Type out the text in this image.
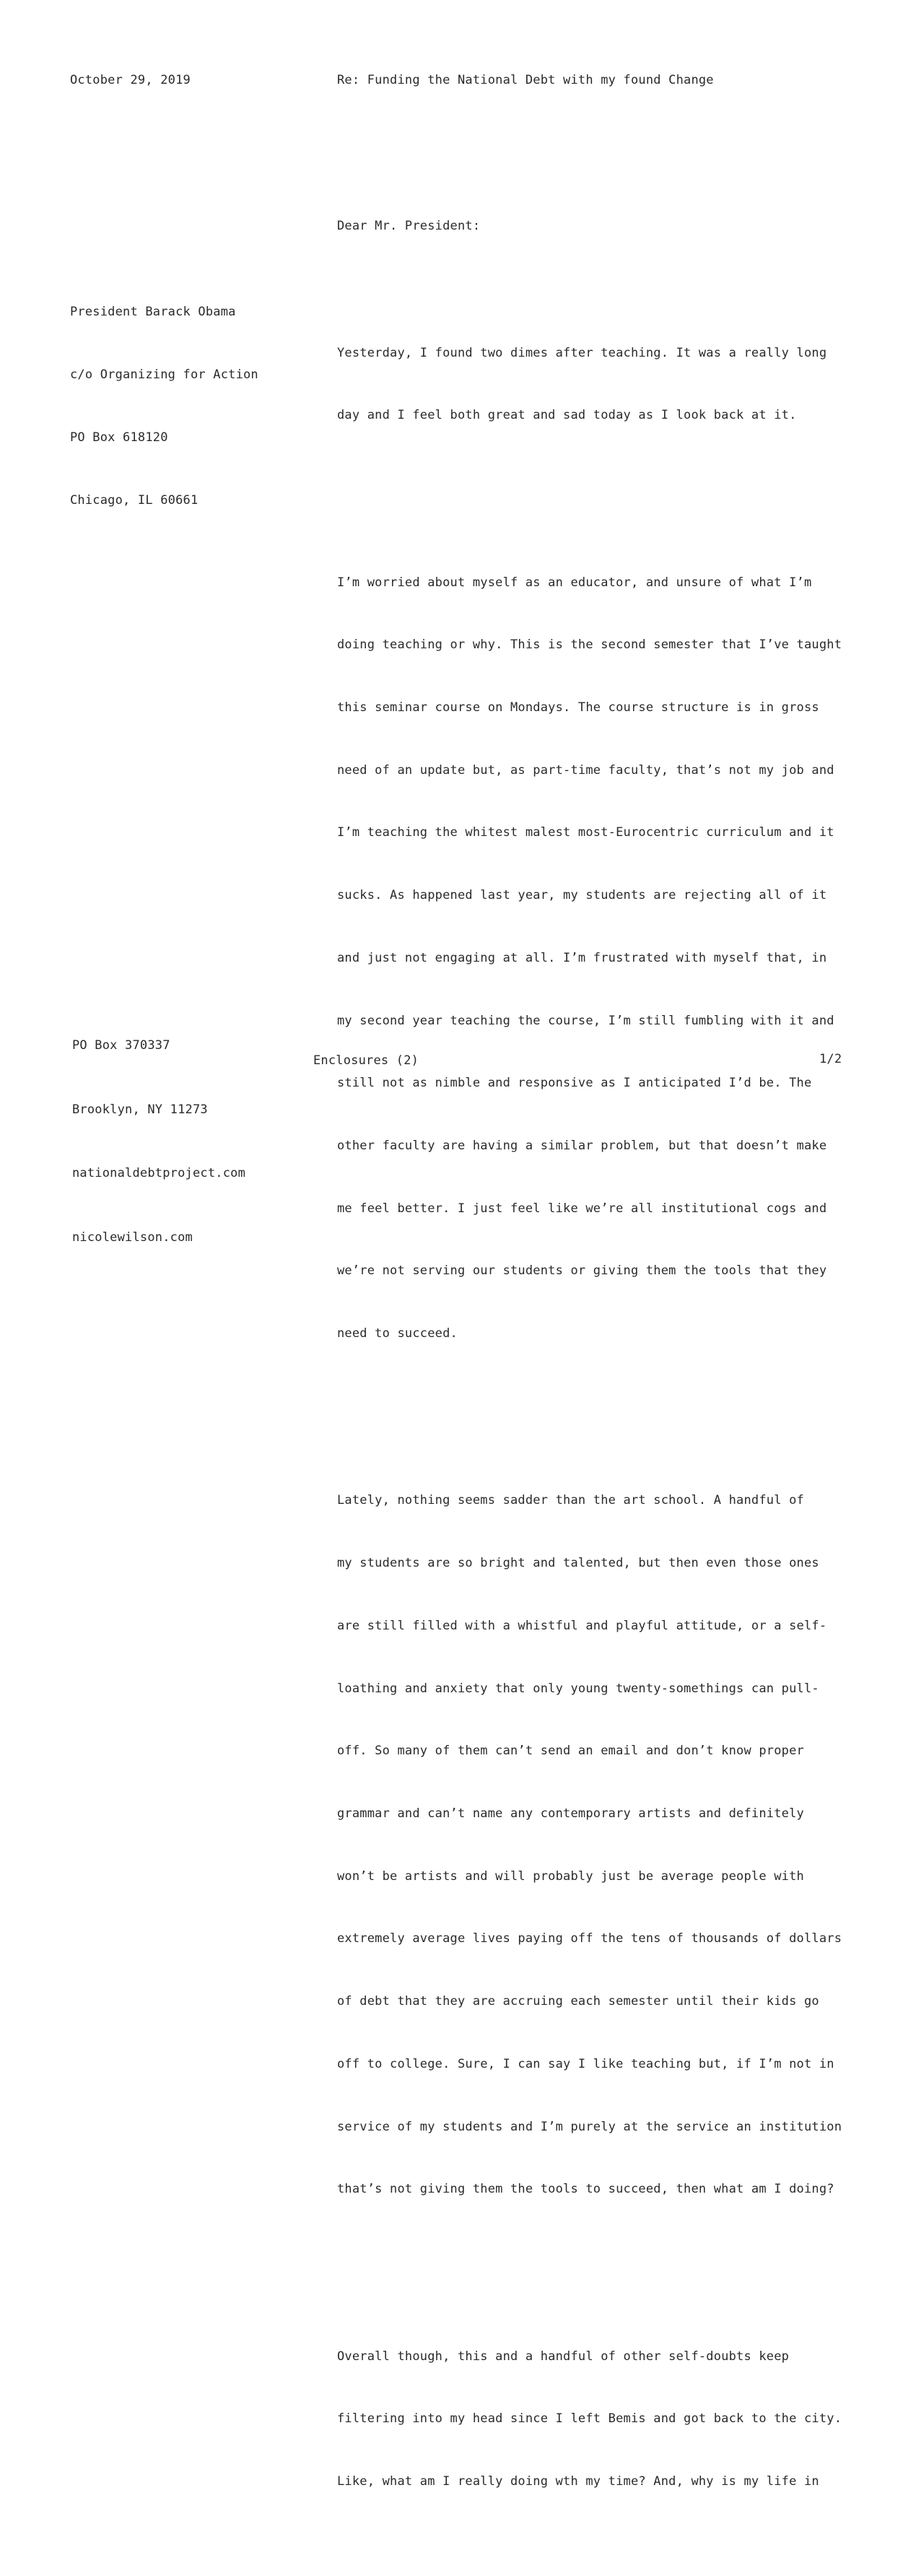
October 29, 2019	Re: Funding the National Debt with my found Change

President Barack Obama

c/o Organizing for Action

PO Box 618120

Chicago, IL 60661

Dear Mr. President:

Yesterday, I found two dimes after teaching. It was a really long

day and I feel both great and sad today as I look back at it.

I’m worried about myself as an educator, and unsure of what I’m

doing teaching or why. This is the second semester that I’ve taught

this seminar course on Mondays. The course structure is in gross

need of an update but, as part-time faculty, that’s not my job and

I’m teaching the whitest malest most-Eurocentric curriculum and it

sucks. As happened last year, my students are rejecting all of it

and just not engaging at all. I’m frustrated with myself that, in

my second year teaching the course, I’m still fumbling with it and

still not as nimble and responsive as I anticipated I’d be. The

other faculty are having a similar problem, but that doesn’t make

me feel better. I just feel like we’re all institutional cogs and

we’re not serving our students or giving them the tools that they

need to succeed.

Lately, nothing seems sadder than the art school. A handful of

my students are so bright and talented, but then even those ones

are still filled with a whistful and playful attitude, or a self-

loathing and anxiety that only young twenty-somethings can pull-

off. So many of them can’t send an email and don’t know proper

grammar and can’t name any contemporary artists and definitely

won’t be artists and will probably just be average people with

extremely average lives paying off the tens of thousands of dollars

of debt that they are accruing each semester until their kids go

off to college. Sure, I can say I like teaching but, if I’m not in

service of my students and I’m purely at the service an institution

that’s not giving them the tools to succeed, then what am I doing?

Overall though, this and a handful of other self-doubts keep

filtering into my head since I left Bemis and got back to the city.

Like, what am I really doing wth my time? And, why is my life in

PO Box 370337

Brooklyn, NY 11273

nationaldebtproject.com

nicolewilson.com

Enclosures (2)	1/2
